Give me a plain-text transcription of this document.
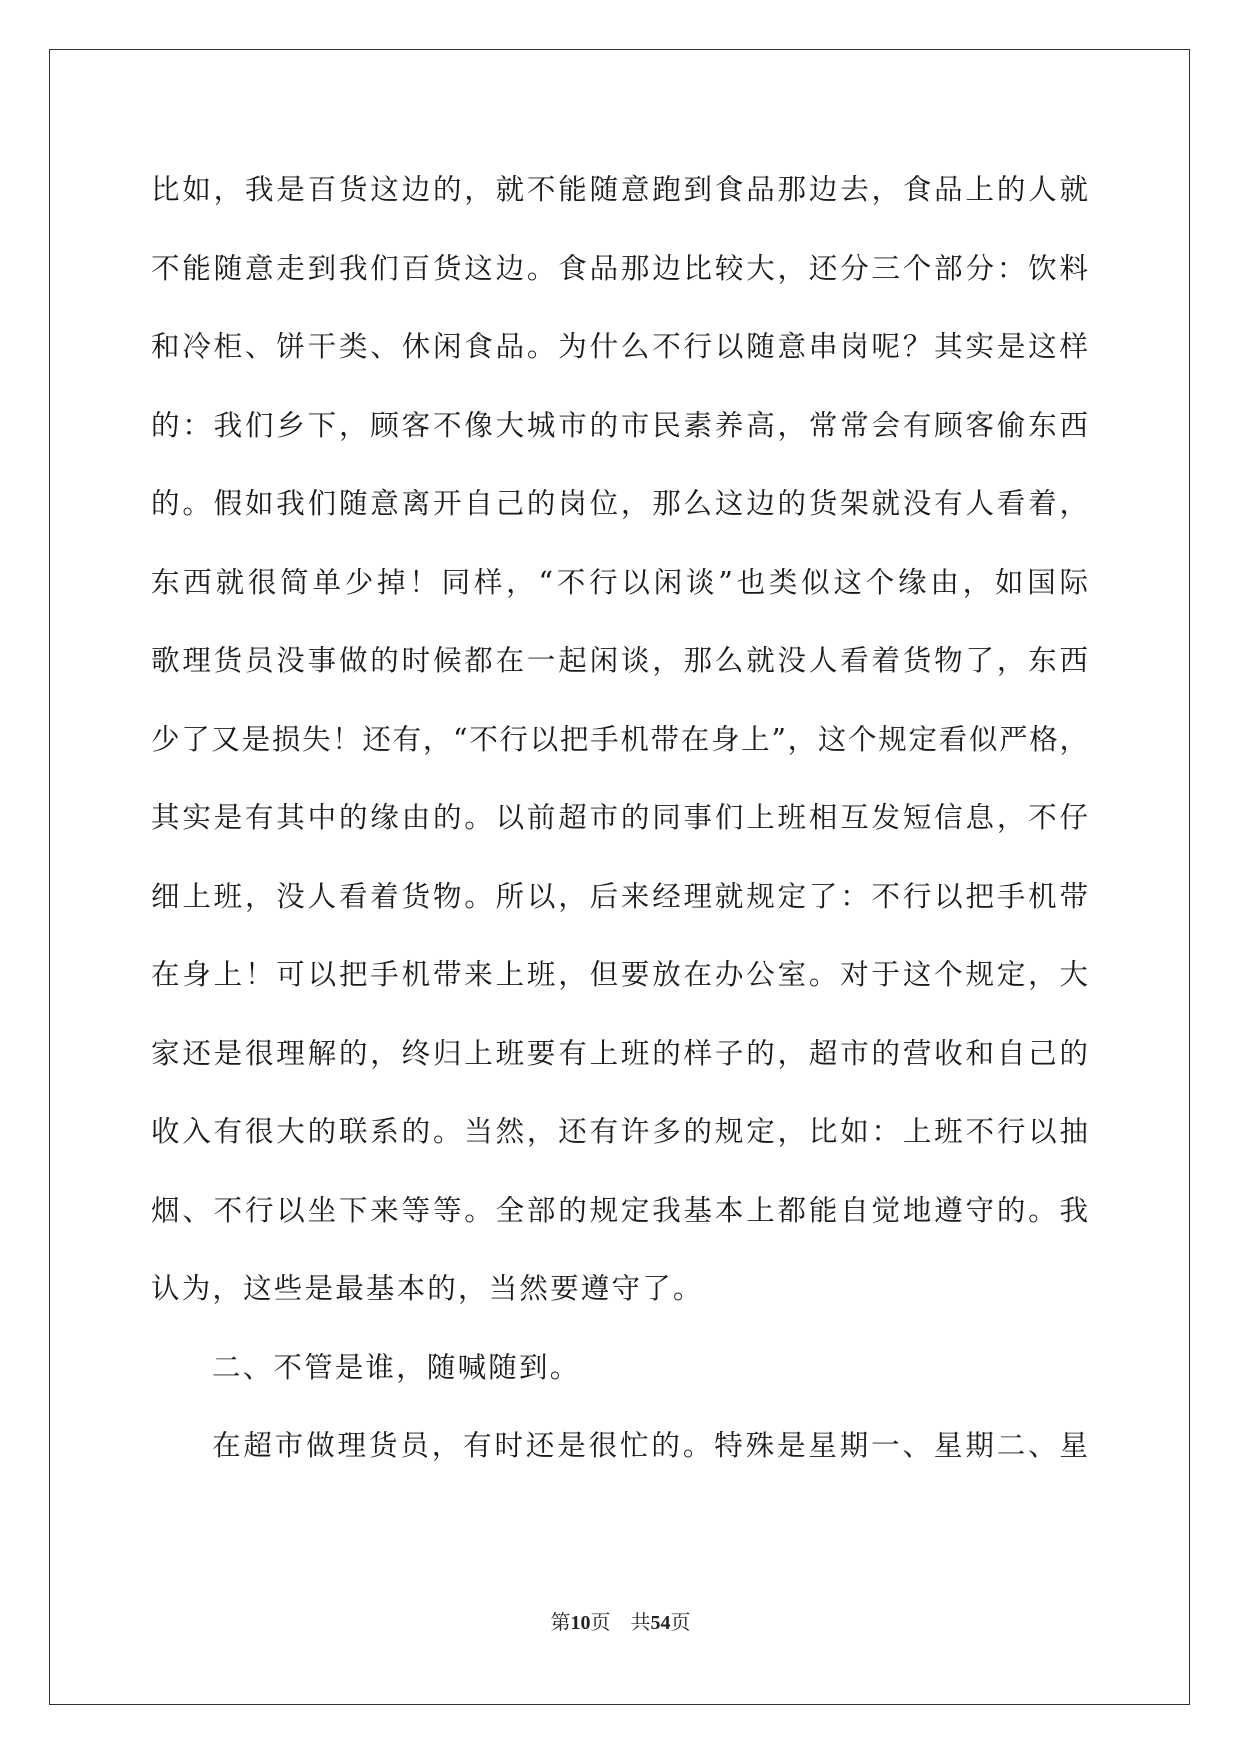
比如，我是百货这边的，就不能随意跑到食品那边去，食品上的人就
不能随意走到我们百货这边。食品那边比较大，还分三个部分：饮料
和冷柜、饼干类、休闲食品。为什么不行以随意串岗呢？其实是这样
的：我们乡下，顾客不像大城市的市民素养高，常常会有顾客偷东西
的。假如我们随意离开自己的岗位，那么这边的货架就没有人看着，
东西就很简单少掉！同样，“不行以闲谈”也类似这个缘由，如国际
歌理货员没事做的时候都在一起闲谈，那么就没人看着货物了，东西
少了又是损失！还有，“不行以把手机带在身上”，这个规定看似严格，
其实是有其中的缘由的。以前超市的同事们上班相互发短信息，不仔
细上班，没人看着货物。所以，后来经理就规定了：不行以把手机带
在身上！可以把手机带来上班，但要放在办公室。对于这个规定，大
家还是很理解的，终归上班要有上班的样子的，超市的营收和自己的
收入有很大的联系的。当然，还有许多的规定，比如：上班不行以抽
烟、不行以坐下来等等。全部的规定我基本上都能自觉地遵守的。我
认为，这些是最基本的，当然要遵守了。
二、不管是谁，随喊随到。
在超市做理货员，有时还是很忙的。特殊是星期一、星期二、星
第10页　共54页
